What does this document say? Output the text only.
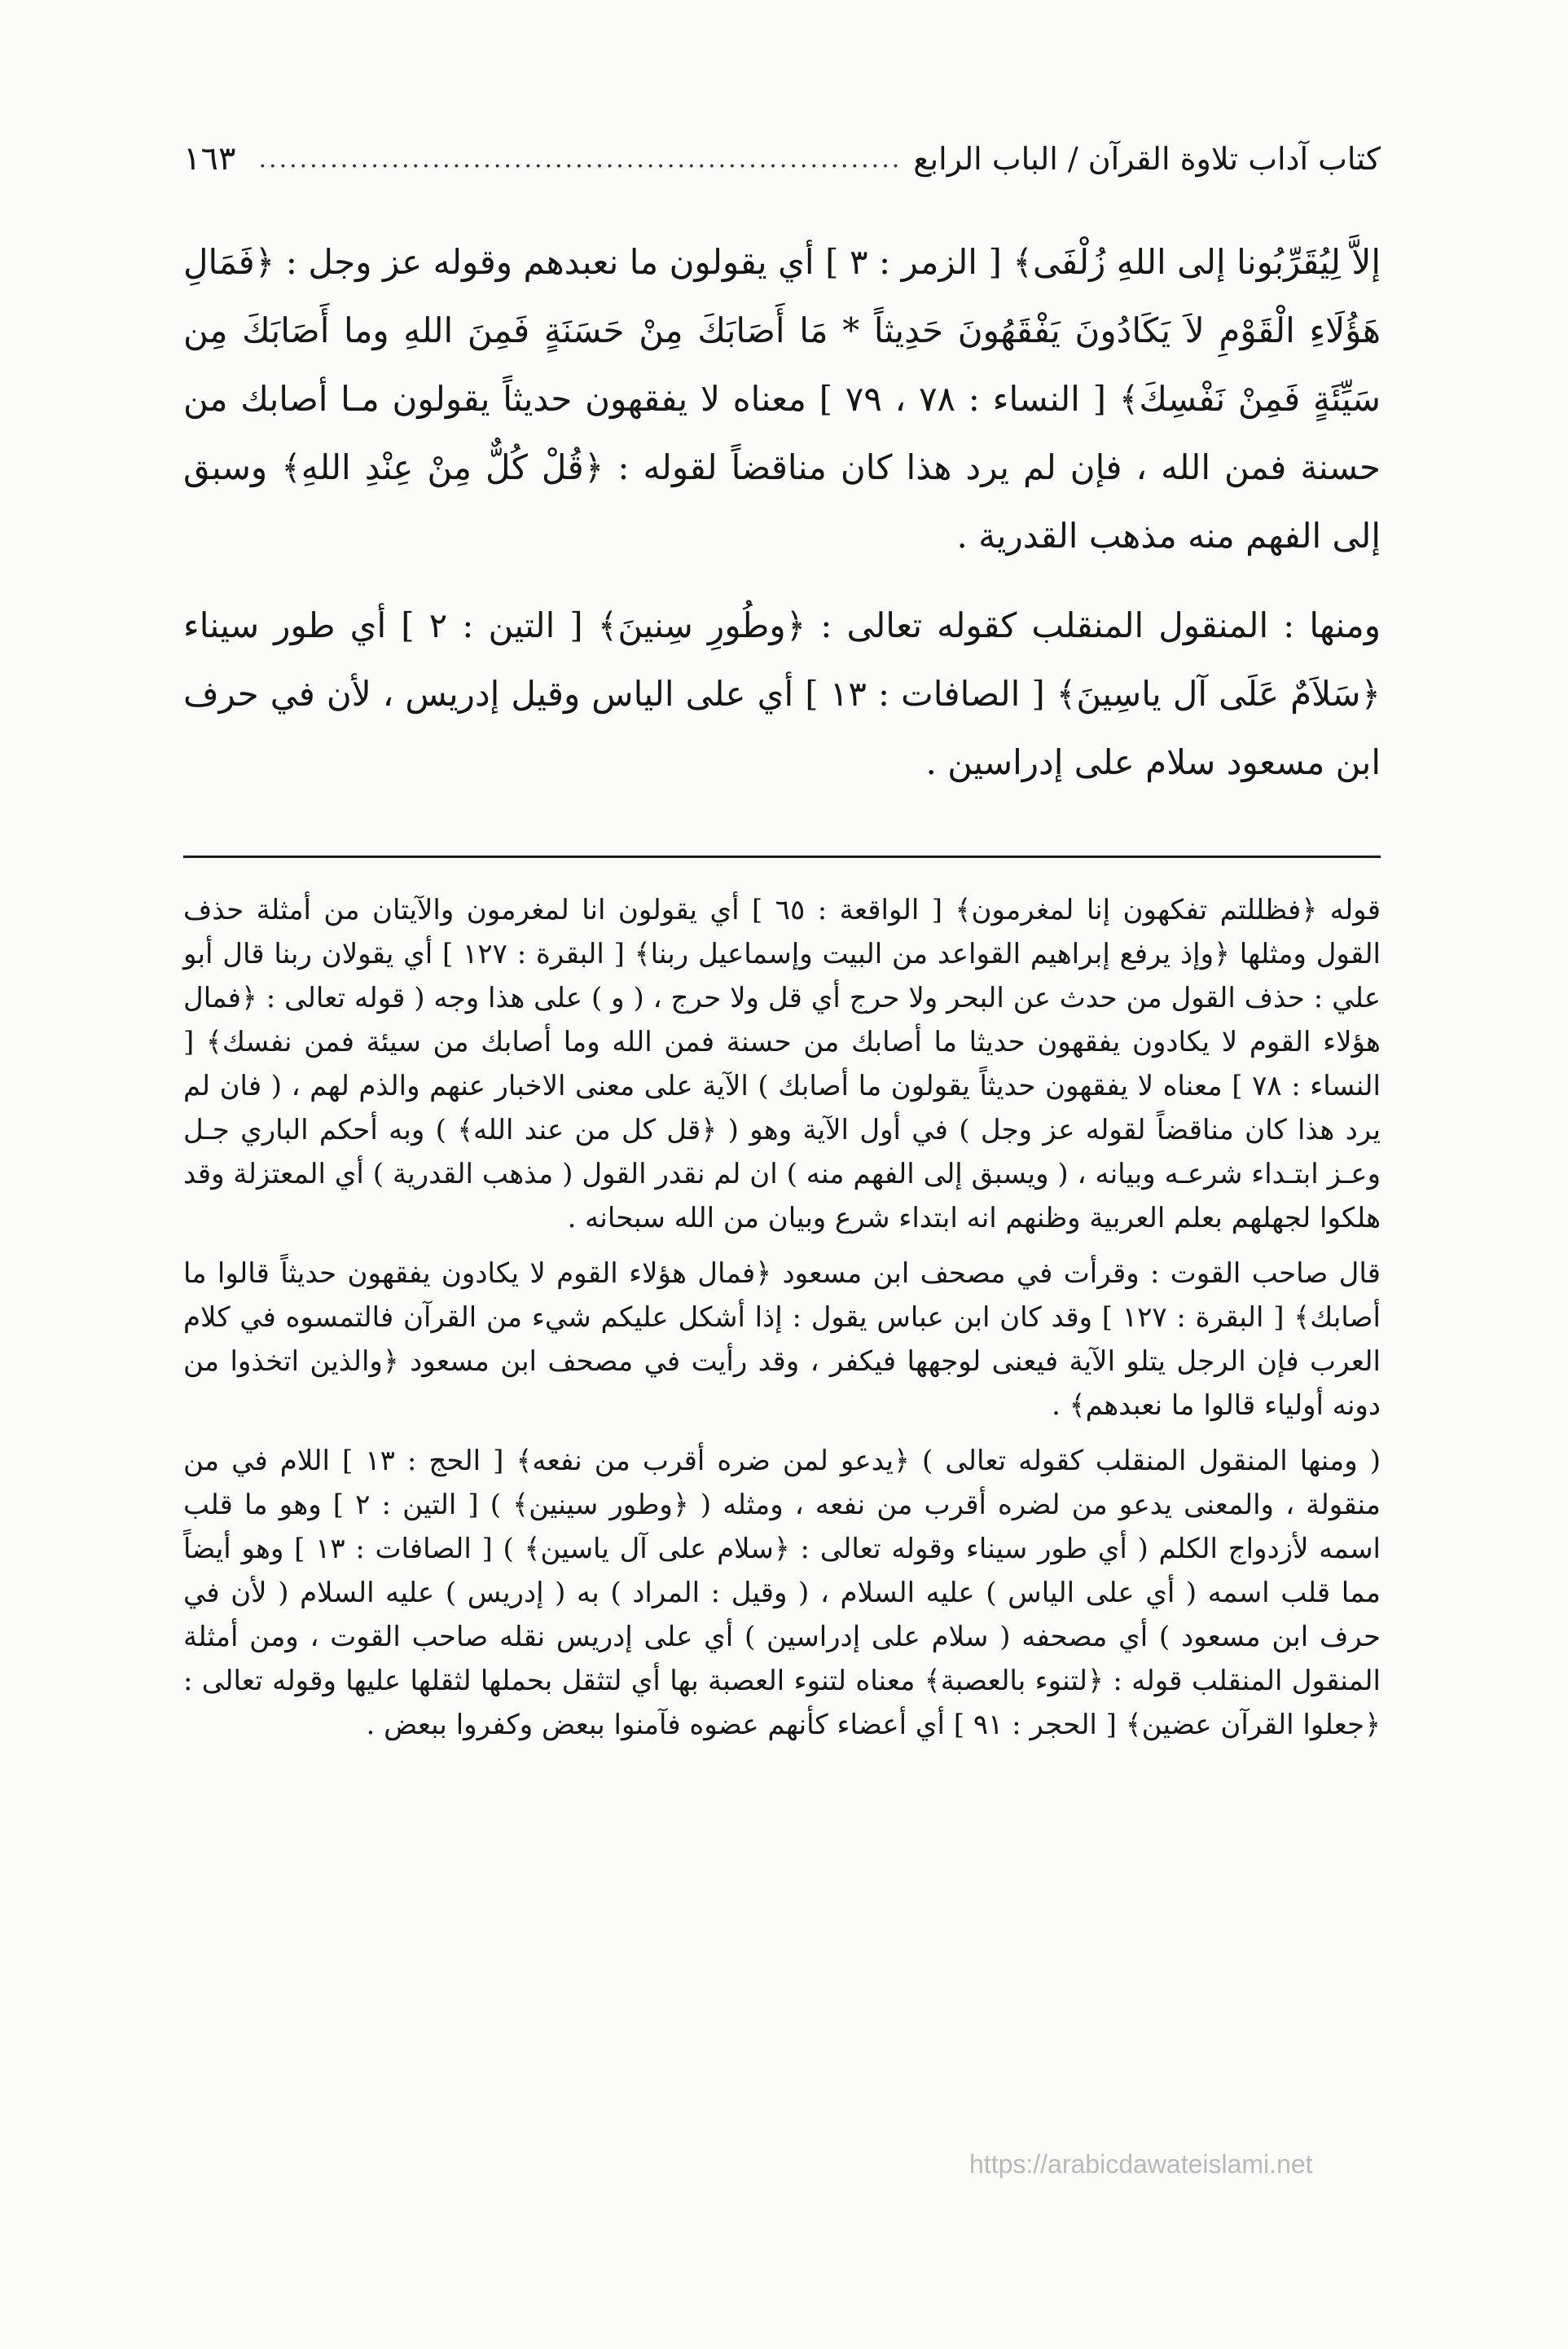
كتاب آداب تلاوة القرآن / الباب الرابع
...............................................................
١٦٣

إلاَّ لِيُقَرِّبُونا إلى اللهِ زُلْفَى﴾ [ الزمر : ٣ ] أي يقولون ما نعبدهم وقوله عز وجل : ﴿فَمَالِ هَؤُلَاءِ الْقَوْمِ لاَ يَكَادُونَ يَفْقَهُونَ حَدِيثاً * مَا أَصَابَكَ مِنْ حَسَنَةٍ فَمِنَ اللهِ وما أَصَابَكَ مِن سَيِّئَةٍ فَمِنْ نَفْسِكَ﴾ [ النساء : ٧٨ ، ٧٩ ] معناه لا يفقهون حديثاً يقولون مـا أصابك من حسنة فمن الله ، فإن لم يرد هذا كان مناقضاً لقوله : ﴿قُلْ كُلٌّ مِنْ عِنْدِ اللهِ﴾ وسبق إلى الفهم منه مذهب القدرية .

ومنها : المنقول المنقلب كقوله تعالى : ﴿وطُورِ سِنينَ﴾ [ التين : ٢ ] أي طور سيناء ﴿سَلاَمٌ عَلَى آل ياسِينَ﴾ [ الصافات : ١٣ ] أي على الياس وقيل إدريس ، لأن في حرف ابن مسعود سلام على إدراسين .

قوله ﴿فظللتم تفكهون إنا لمغرمون﴾ [ الواقعة : ٦٥ ] أي يقولون انا لمغرمون والآيتان من أمثلة حذف القول ومثلها ﴿وإذ يرفع إبراهيم القواعد من البيت وإسماعيل ربنا﴾ [ البقرة : ١٢٧ ] أي يقولان ربنا قال أبو علي : حذف القول من حدث عن البحر ولا حرج أي قل ولا حرج ، ( و ) على هذا وجه ( قوله تعالى : ﴿فمال هؤلاء القوم لا يكادون يفقهون حديثا ما أصابك من حسنة فمن الله وما أصابك من سيئة فمن نفسك﴾ [ النساء : ٧٨ ] معناه لا يفقهون حديثاً يقولون ما أصابك ) الآية على معنى الاخبار عنهم والذم لهم ، ( فان لم يرد هذا كان مناقضاً لقوله عز وجل ) في أول الآية وهو ( ﴿قل كل من عند الله﴾ ) وبه أحكم الباري جـل وعـز ابتـداء شرعـه وبيانه ، ( ويسبق إلى الفهم منه ) ان لم نقدر القول ( مذهب القدرية ) أي المعتزلة وقد هلكوا لجهلهم بعلم العربية وظنهم انه ابتداء شرع وبيان من الله سبحانه .

قال صاحب القوت : وقرأت في مصحف ابن مسعود ﴿فمال هؤلاء القوم لا يكادون يفقهون حديثاً قالوا ما أصابك﴾ [ البقرة : ١٢٧ ] وقد كان ابن عباس يقول : إذا أشكل عليكم شيء من القرآن فالتمسوه في كلام العرب فإن الرجل يتلو الآية فيعنى لوجهها فيكفر ، وقد رأيت في مصحف ابن مسعود ﴿والذين اتخذوا من دونه أولياء قالوا ما نعبدهم﴾ .

( ومنها المنقول المنقلب كقوله تعالى ) ﴿يدعو لمن ضره أقرب من نفعه﴾ [ الحج : ١٣ ] اللام في من منقولة ، والمعنى يدعو من لضره أقرب من نفعه ، ومثله ( ﴿وطور سينين﴾ ) [ التين : ٢ ] وهو ما قلب اسمه لأزدواج الكلم ( أي طور سيناء وقوله تعالى : ﴿سلام على آل ياسين﴾ ) [ الصافات : ١٣ ] وهو أيضاً مما قلب اسمه ( أي على الياس ) عليه السلام ، ( وقيل : المراد ) به ( إدريس ) عليه السلام ( لأن في حرف ابن مسعود ) أي مصحفه ( سلام على إدراسين ) أي على إدريس نقله صاحب القوت ، ومن أمثلة المنقول المنقلب قوله : ﴿لتنوء بالعصبة﴾ معناه لتنوء العصبة بها أي لتثقل بحملها لثقلها عليها وقوله تعالى : ﴿جعلوا القرآن عضين﴾ [ الحجر : ٩١ ] أي أعضاء كأنهم عضوه فآمنوا ببعض وكفروا ببعض .

https://arabicdawateislami.net
